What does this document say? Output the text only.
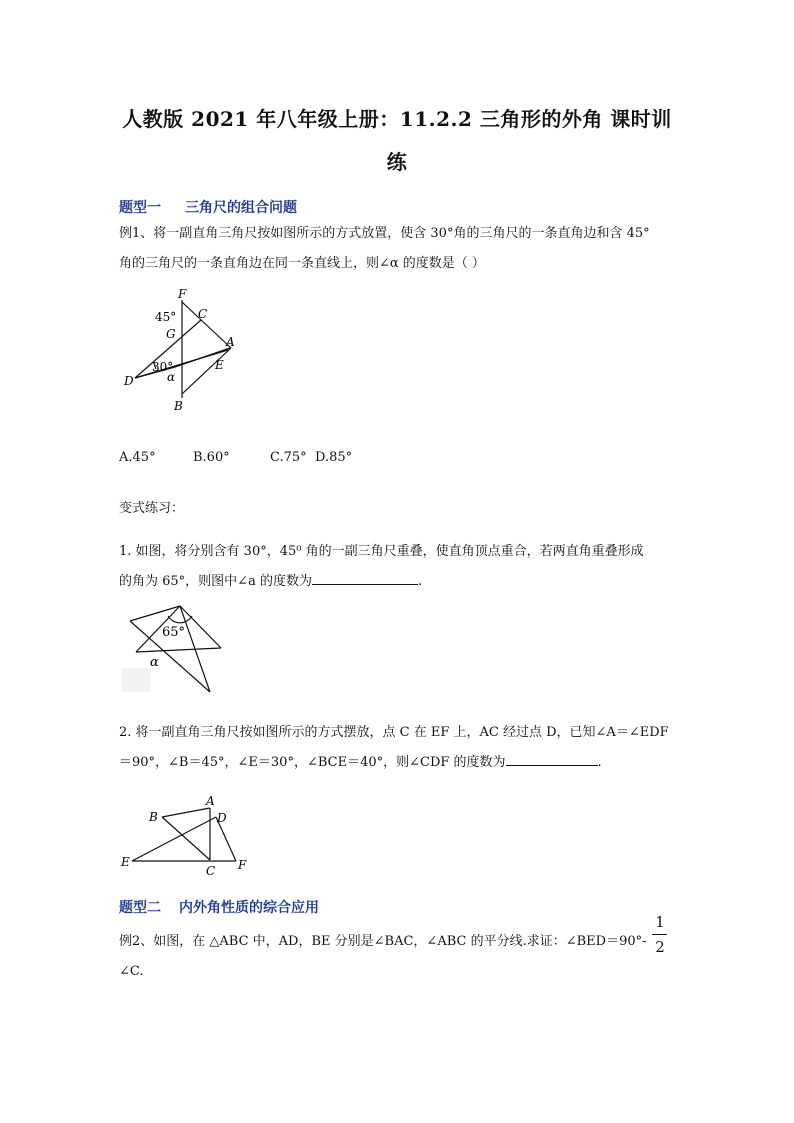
人教版 2021 年八年级上册：11.2.2 三角形的外角 课时训
练
题型一 三角尺的组合问题
例1、将一副直角三角尺按如图所示的方式放置，使含 30°角的三角尺的一条直角边和含 45°
角的三角尺的一条直角边在同一条直线上，则∠α 的度数是（ ）
F
45° C
G
A
30°	E
D	α
B
A.45°	B.60°	C.75° D.85°
变式练习：
1. 如图，将分别含有 30°，45⁰ 角的一副三角尺重叠，使直角顶点重合，若两直角重叠形成
的角为 65°，则图中∠a 的度数为	.
65°
α
2. 将一副直角三角尺按如图所示的方式摆放，点 C 在 EF 上，AC 经过点 D，已知∠A＝∠EDF
＝90°，∠B＝45°，∠E＝30°，∠BCE＝40°，则∠CDF 的度数为	.
A
B	D
E
C F
题型二 内外角性质的综合应用
例2、如图，在 △ABC 中，AD，BE 分别是∠BAC，∠ABC 的平分线.求证：∠BED＝90°-
1
2
∠C.
